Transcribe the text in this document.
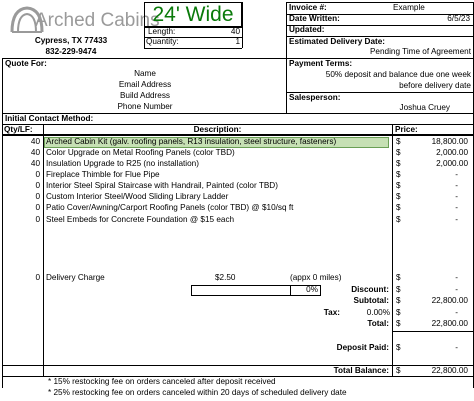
Arched Cabins
Cypress, TX 77433
832-229-9474
24' Wide
Length:	40
Quantity:	1
Invoice #:	Example
Date Written:	6/5/23
Updated:
Estimated Delivery Date:
Pending Time of Agreement
Quote For:
Name
Email Address
Build Address
Phone Number
Payment Terms:
50% deposit and balance due one week
before delivery date
Salesperson:
Joshua Cruey
Initial Contact Method:
Qty/LF:	Description:	Price:
40 Arched Cabin Kit (galv. roofing panels, R13 insulation, steel structure, fasteners)	$	18,800.00
40 Color Upgrade on Metal Roofing Panels (color TBD)	$	2,000.00
40 Insulation Upgrade to R25 (no installation)	$	2,000.00
0 Fireplace Thimble for Flue Pipe	$	-
0 Interior Steel Spiral Staircase with Handrail, Painted (color TBD)	$	-
0 Custom Interior Steel/Wood Sliding Library Ladder	$	-
0 Patio Cover/Awning/Carport Roofing Panels (color TBD) @ $10/sq ft	$	-
0 Steel Embeds for Concrete Foundation @ $15 each	$	-
0 Delivery Charge	$2.50	(appx 0 miles)	$	-
0%	Discount: $	-
Subtotal: $	22,800.00
Tax:	0.00% $	-
Total: $	22,800.00
Deposit Paid: $	-
Total Balance: $	22,800.00
* 15% restocking fee on orders canceled after deposit received
* 25% restocking fee on orders canceled within 20 days of scheduled delivery date
